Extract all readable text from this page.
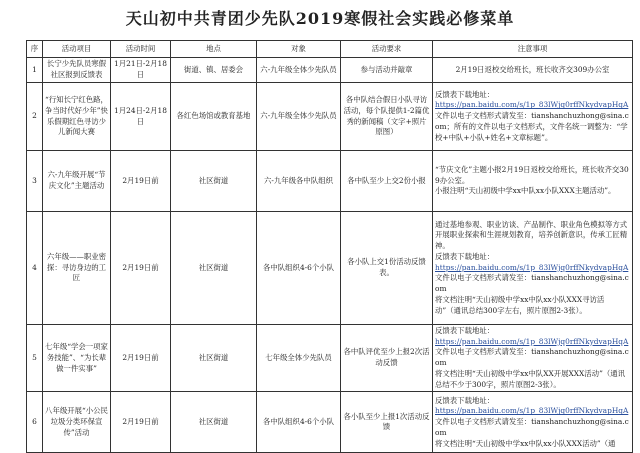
天山初中共青团少先队2019寒假社会实践必修菜单
序	活动项目	活动时间	地点	对象	活动要求	注意事项
1	长宁少先队员寒假社区报到反馈表	1月21日-2月18日	街道、镇、居委会	六-九年级全体少先队员	参与活动并敲章	2月19日返校交给班长，班长收齐交309办公室

2	“行知长宁红色路，争当时代好少年”快乐假期红色寻访少儿新闻大赛	1月24日-2月18日	各红色场馆或教育基地	六-九年级全体少先队员	各中队结合假日小队寻访活动，每个队提供1-2篇优秀的新闻稿（文字+照片原图）	反馈表下载地址：
https://pan.baidu.com/s/1p_83lWjq0rffNkydvapHqA
文件以电子文档形式请发至：tianshanchuzhong@sina.com；所有的文件以电子文档形式，文件名统一调整为：“学校+中队+小队+姓名+文章标题”。

3	六-九年级开展“节庆文化”主题活动	2月19日前	社区街道	六-九年级各中队组织	各中队至少上交2份小报	“节庆文化”主题小报2月19日返校交给班长，班长收齐交309办公室。
小报注明“天山初级中学xx中队xx小队XXX主题活动”。

4	六年级——职业密探：寻访身边的工匠	2月19日前	社区街道	各中队组织4-6个小队	各小队上交1份活动反馈表。	通过基地参观、职业访谈、产品制作、职业角色模拟等方式开展职业探索和生涯规划教育，培养创新意识，传承工匠精神。
反馈表下载地址：
https://pan.baidu.com/s/1p_83lWjq0rffNkydvapHqA
文件以电子文档形式请发至：tianshanchuzhong@sina.com
将文档注明“天山初级中学xx中队xx小队XXX寻访活动”（通讯总结300字左右，照片原图2-3张）。

5	七年级“学会一项家务技能”、“为长辈做一件实事”	2月19日前	社区街道	七年级全体少先队员	各中队评优至少上报2次活动反馈	反馈表下载地址：
https://pan.baidu.com/s/1p_83lWjq0rffNkydvapHqA
文件以电子文档形式请发至：tianshanchuzhong@sina.com
将文档注明“天山初级中学xx中队XX开展XXX活动”（通讯总结不少于300字，照片原图2-3张）。

6	八年级开展“小公民垃圾分类环保宣传”活动	2月19日前	社区街道	各中队组织4-6个小队	各小队至少上报1次活动反馈	反馈表下载地址：
https://pan.baidu.com/s/1p_83lWjq0rffNkydvapHqA
文件以电子文档形式请发至：tianshanchuzhong@sina.com
将文档注明“天山初级中学xx中队xx小队XXX活动”（通
